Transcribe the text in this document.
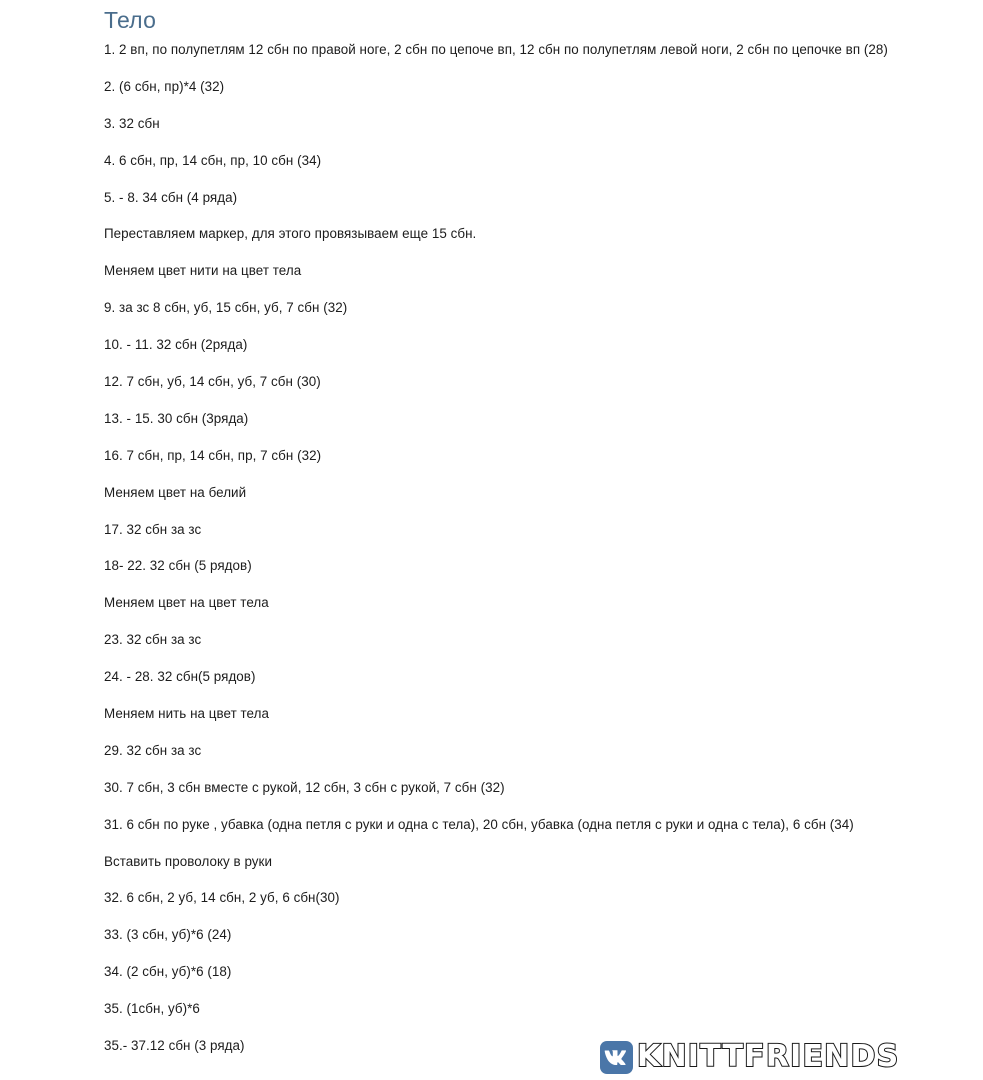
Тело
1. 2 вп, по полупетлям 12 сбн по правой ноге, 2 сбн по цепоче вп, 12 сбн по полупетлям левой ноги, 2 сбн по цепочке вп (28)
2. (6 сбн, пр)*4 (32)
3. 32 сбн
4. 6 сбн, пр, 14 сбн, пр, 10 сбн (34)
5. - 8. 34 сбн (4 ряда)
Переставляем маркер, для этого провязываем еще 15 сбн.
Меняем цвет нити на цвет тела
9. за зс 8 сбн, уб, 15 сбн, уб, 7 сбн (32)
10. - 11. 32 сбн (2ряда)
12. 7 сбн, уб, 14 сбн, уб, 7 сбн (30)
13. - 15. 30 сбн (3ряда)
16. 7 сбн, пр, 14 сбн, пр, 7 сбн (32)
Меняем цвет на белий
17. 32 сбн за зс
18- 22. 32 сбн (5 рядов)
Меняем цвет на цвет тела
23. 32 сбн за зс
24. - 28. 32 сбн(5 рядов)
Меняем нить на цвет тела
29. 32 сбн за зс
30. 7 сбн, 3 сбн вместе с рукой, 12 сбн, 3 сбн с рукой, 7 сбн (32)
31. 6 сбн по руке , убавка (одна петля с руки и одна с тела), 20 сбн, убавка (одна петля с руки и одна с тела), 6 сбн (34)
Вставить проволоку в руки
32. 6 сбн, 2 уб, 14 сбн, 2 уб, 6 сбн(30)
33. (3 сбн, уб)*6 (24)
34. (2 сбн, уб)*6 (18)
35. (1сбн, уб)*6
35.- 37.12 сбн (3 ряда)	KNITTFRIENDS
